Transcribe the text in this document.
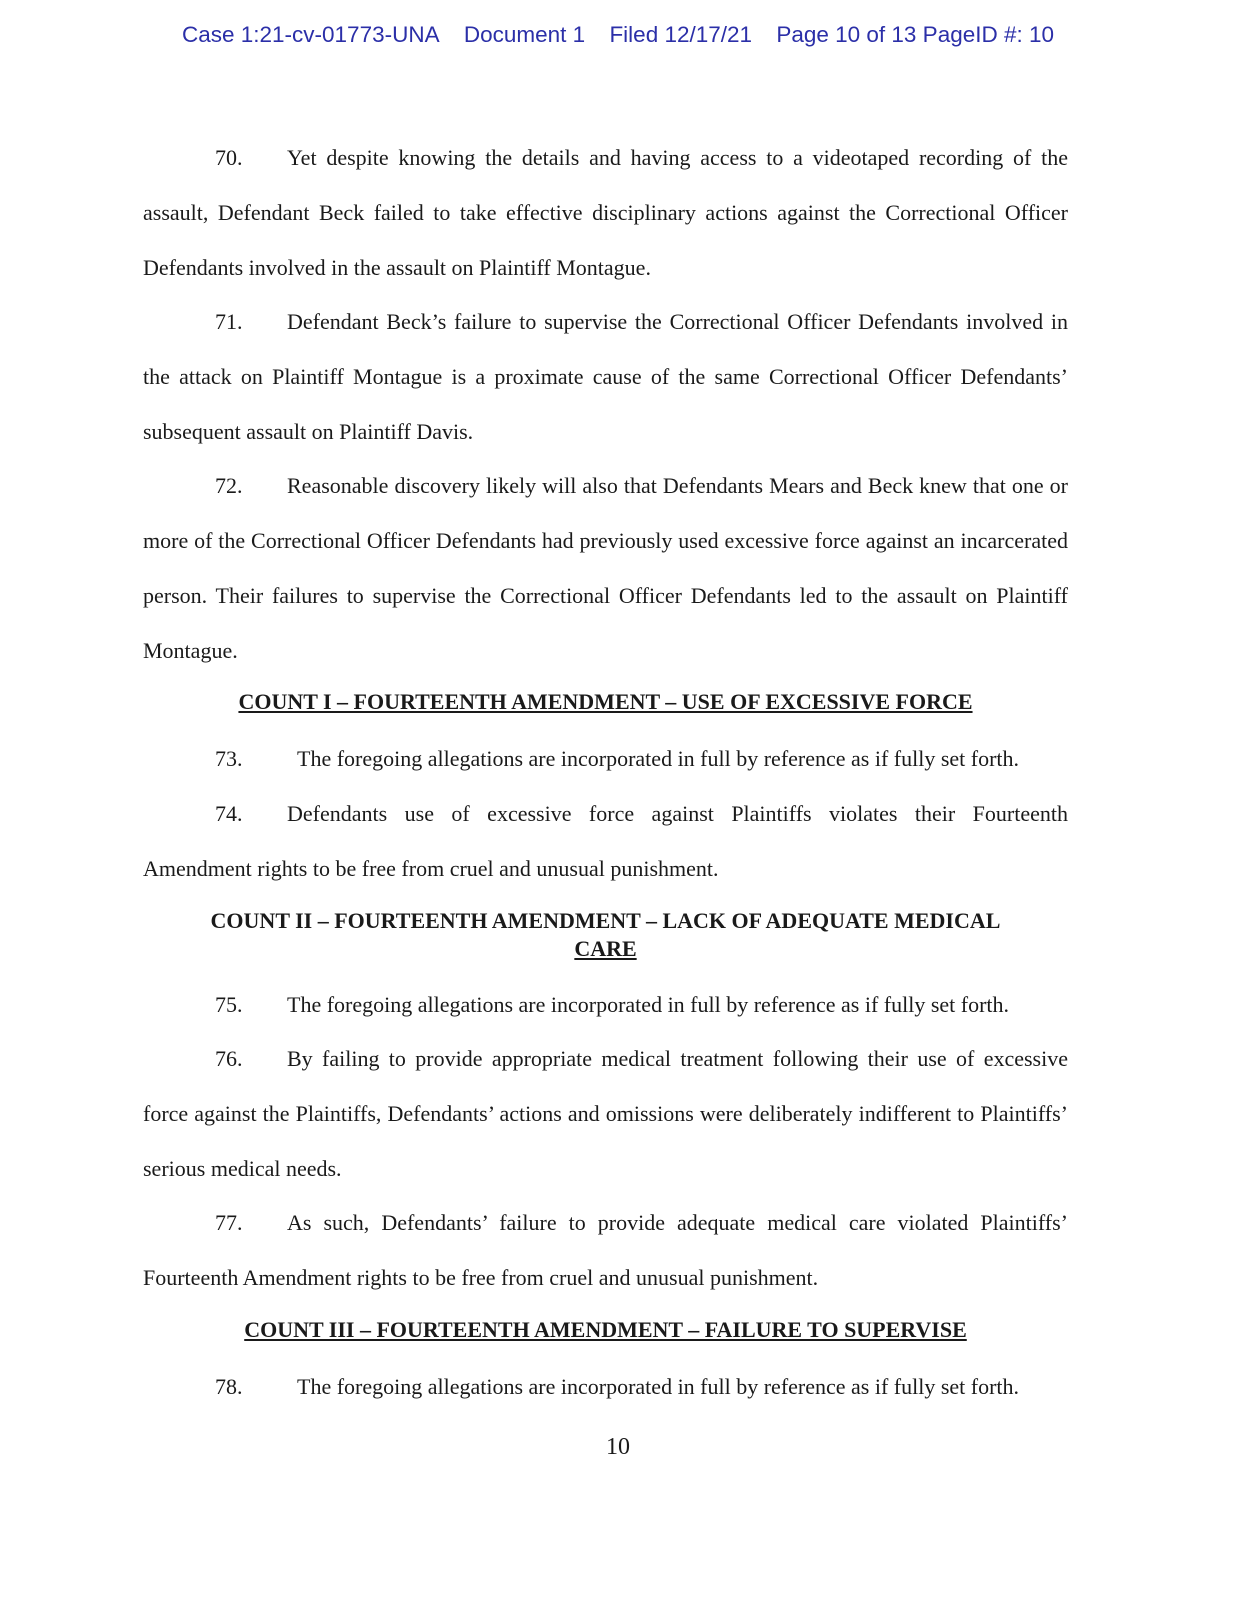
Case 1:21-cv-01773-UNA Document 1 Filed 12/17/21 Page 10 of 13 PageID #: 10

70. Yet despite knowing the details and having access to a videotaped recording of the assault, Defendant Beck failed to take effective disciplinary actions against the Correctional Officer Defendants involved in the assault on Plaintiff Montague.

71. Defendant Beck’s failure to supervise the Correctional Officer Defendants involved in the attack on Plaintiff Montague is a proximate cause of the same Correctional Officer Defendants’ subsequent assault on Plaintiff Davis.

72. Reasonable discovery likely will also that Defendants Mears and Beck knew that one or more of the Correctional Officer Defendants had previously used excessive force against an incarcerated person. Their failures to supervise the Correctional Officer Defendants led to the assault on Plaintiff Montague.

COUNT I – FOURTEENTH AMENDMENT – USE OF EXCESSIVE FORCE

73. The foregoing allegations are incorporated in full by reference as if fully set forth.

74. Defendants use of excessive force against Plaintiffs violates their Fourteenth Amendment rights to be free from cruel and unusual punishment.

COUNT II – FOURTEENTH AMENDMENT – LACK OF ADEQUATE MEDICAL
CARE

75. The foregoing allegations are incorporated in full by reference as if fully set forth.

76. By failing to provide appropriate medical treatment following their use of excessive force against the Plaintiffs, Defendants’ actions and omissions were deliberately indifferent to Plaintiffs’ serious medical needs.

77. As such, Defendants’ failure to provide adequate medical care violated Plaintiffs’ Fourteenth Amendment rights to be free from cruel and unusual punishment.

COUNT III – FOURTEENTH AMENDMENT – FAILURE TO SUPERVISE

78. The foregoing allegations are incorporated in full by reference as if fully set forth.

10
